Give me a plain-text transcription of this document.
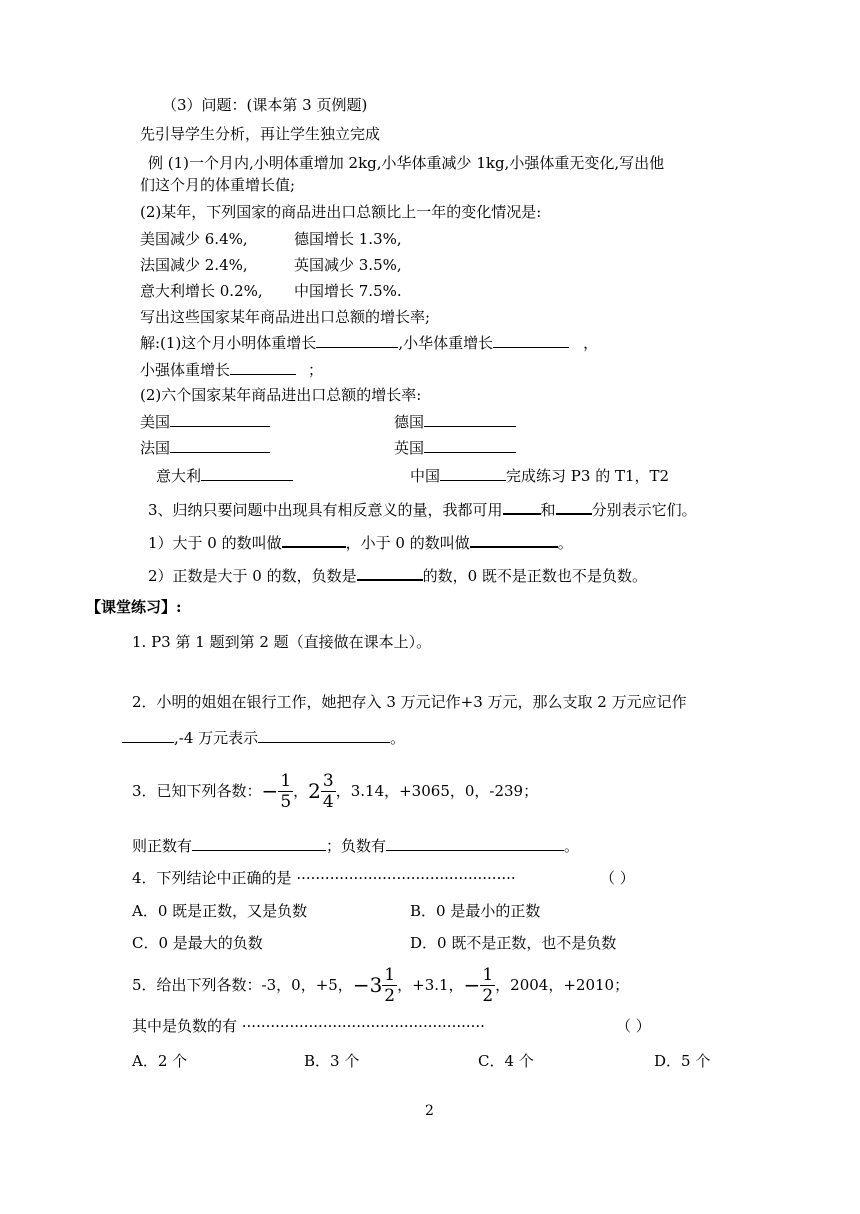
（3）问题：(课本第 3 页例题)
先引导学生分析，再让学生独立完成
例 (1)一个月内,小明体重增加 2kg,小华体重减少 1kg,小强体重无变化,写出他
们这个月的体重增长值;
(2)某年，下列国家的商品进出口总额比上一年的变化情况是:
美国减少 6.4%,	德国增长 1.3%,
法国减少 2.4%,	英国减少 3.5%,
意大利增长 0.2%, 中国增长 7.5%.
写出这些国家某年商品进出口总额的增长率;
解:(1)这个月小明体重增长	,小华体重增长	，
小强体重增长	；
(2)六个国家某年商品进出口总额的增长率:
美国	德国
法国	英国
意大利	中国	完成练习 P3 的 T1，T2
3、归纳只要问题中出现具有相反意义的量，我都可用	和 分别表示它们。
1）大于 0 的数叫做	，小于 0 的数叫做	。
2）正数是大于 0 的数，负数是	的数，0 既不是正数也不是负数。
【课堂练习】:
1. P3 第 1 题到第 2 题（直接做在课本上）。
2．小明的姐姐在银行工作，她把存入 3 万元记作+3 万元，那么支取 2 万元应记作
,-4 万元表示	。
3．已知下列各数：− $\frac{1}{5}$ ，$2 \frac{3}{4}$ ，3.14，+3065，0，-239；
则正数有	；负数有	。
4．下列结论中正确的是 ··············································	（ ）
A．0 既是正数，又是负数	B．0 是最小的正数
C．0 是最大的负数	D．0 既不是正数，也不是负数
5．给出下列各数：-3，0，+5，$-3 \frac{1}{2}$ ，+3.1，− $\frac{1}{2}$ ，2004，+2010；
其中是负数的有 ···················································	（ ）
A．2 个	B．3 个	C．4 个	D．5 个
2
